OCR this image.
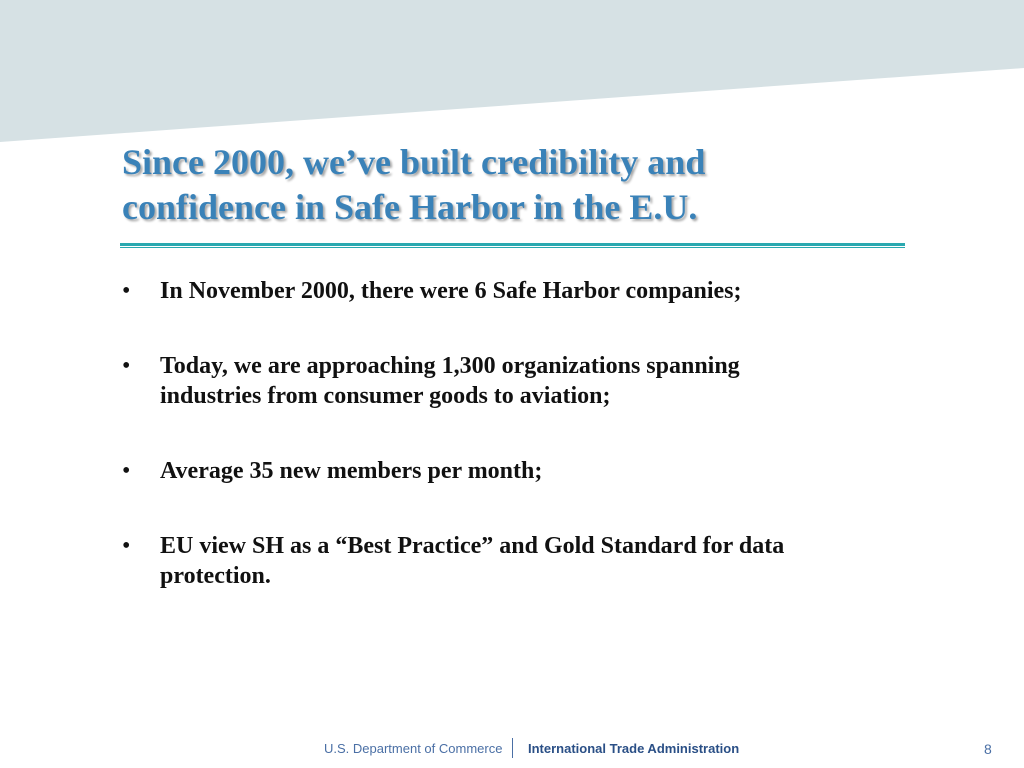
Since 2000, we’ve built credibility and
confidence in Safe Harbor in the E.U.
• In November 2000, there were 6 Safe Harbor companies;
• Today, we are approaching 1,300 organizations spanning
industries from consumer goods to aviation;
• Average 35 new members per month;
• EU view SH as a “Best Practice” and Gold Standard for data
protection.
U.S. Department of Commerce International Trade Administration	8
